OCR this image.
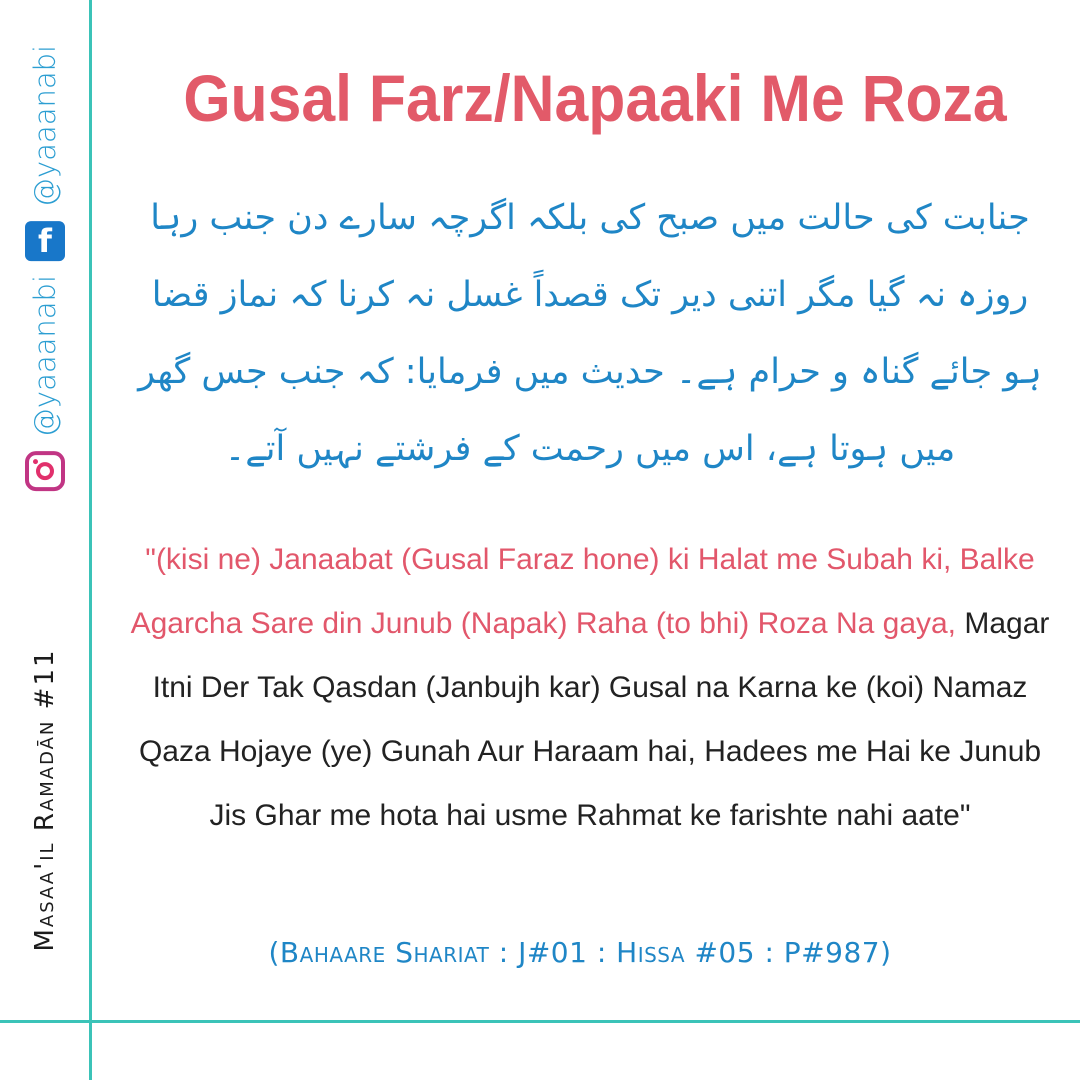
@yaaanabi
f
@yaaanabi
Masaa'il Ramadān #11
Gusal Farz/Napaaki Me Roza

جنابت کی حالت میں صبح کی بلکہ اگرچہ سارے دن جنب رہا روزہ نہ گیا مگر اتنی دیر تک قصداً غسل نہ کرنا کہ نماز قضا ہو جائے گناہ و حرام ہے۔ حدیث میں فرمایا: کہ جنب جس گھر میں ہوتا ہے، اس میں رحمت کے فرشتے نہیں آتے۔

"(kisi ne) Janaabat (Gusal Faraz hone) ki Halat me Subah ki, Balke Agarcha Sare din Junub (Napak) Raha (to bhi) Roza Na gaya, Magar Itni Der Tak Qasdan (Janbujh kar) Gusal na Karna ke (koi) Namaz Qaza Hojaye (ye) Gunah Aur Haraam hai, Hadees me Hai ke Junub Jis Ghar me hota hai usme Rahmat ke farishte nahi aate"

(Bahaare Shariat : J#01 : Hissa #05 : P#987)
